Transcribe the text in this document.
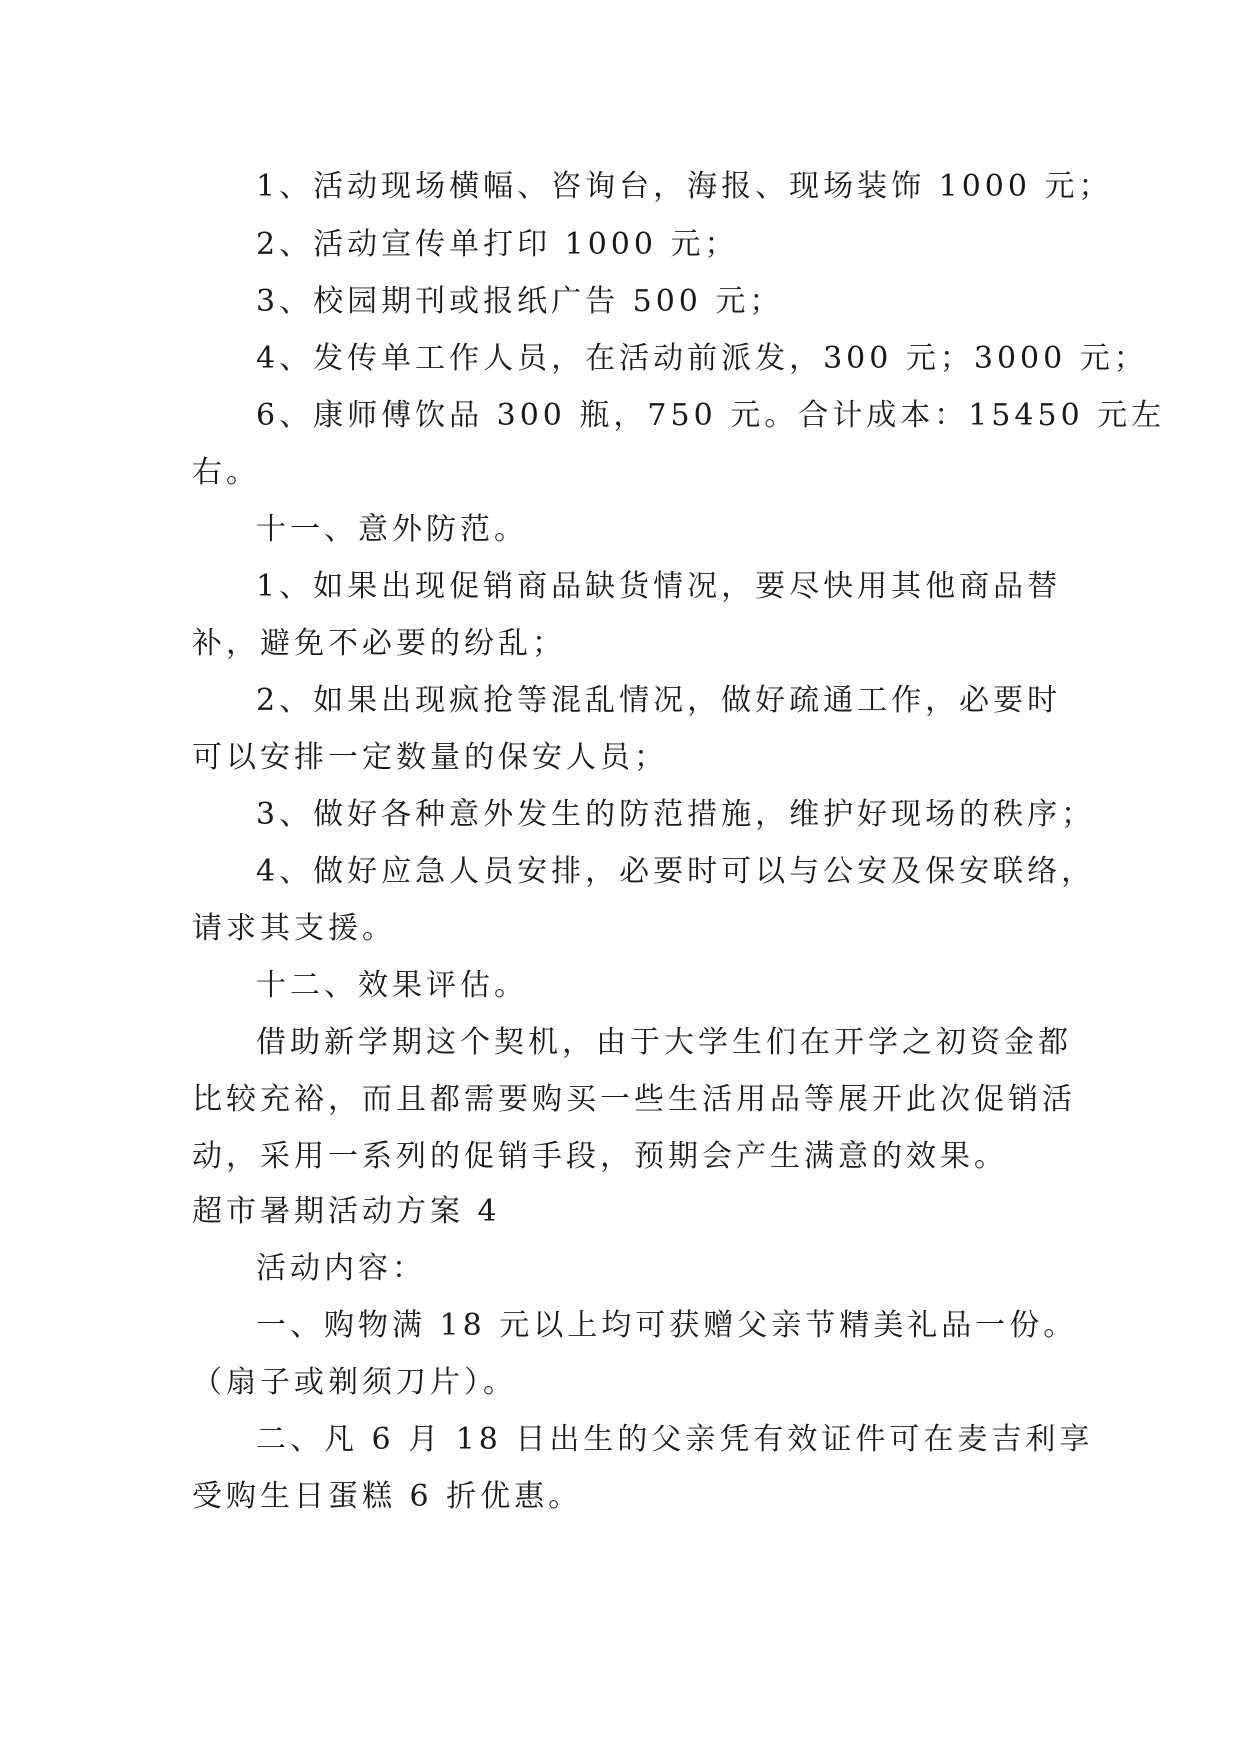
1、活动现场横幅、咨询台，海报、现场装饰 1000 元；
2、活动宣传单打印 1000 元；
3、校园期刊或报纸广告 500 元；
4、发传单工作人员，在活动前派发，300 元；3000 元；
6、康师傅饮品 300 瓶，750 元。合计成本：15450 元左
右。
十一、意外防范。
1、如果出现促销商品缺货情况，要尽快用其他商品替
补，避免不必要的纷乱；
2、如果出现疯抢等混乱情况，做好疏通工作，必要时
可以安排一定数量的保安人员；
3、做好各种意外发生的防范措施，维护好现场的秩序；
4、做好应急人员安排，必要时可以与公安及保安联络，
请求其支援。
十二、效果评估。
借助新学期这个契机，由于大学生们在开学之初资金都
比较充裕，而且都需要购买一些生活用品等展开此次促销活
动，采用一系列的促销手段，预期会产生满意的效果。
超市暑期活动方案 4
活动内容：
一、购物满 18 元以上均可获赠父亲节精美礼品一份。
（扇子或剃须刀片）。
二、凡 6 月 18 日出生的父亲凭有效证件可在麦吉利享
受购生日蛋糕 6 折优惠。
